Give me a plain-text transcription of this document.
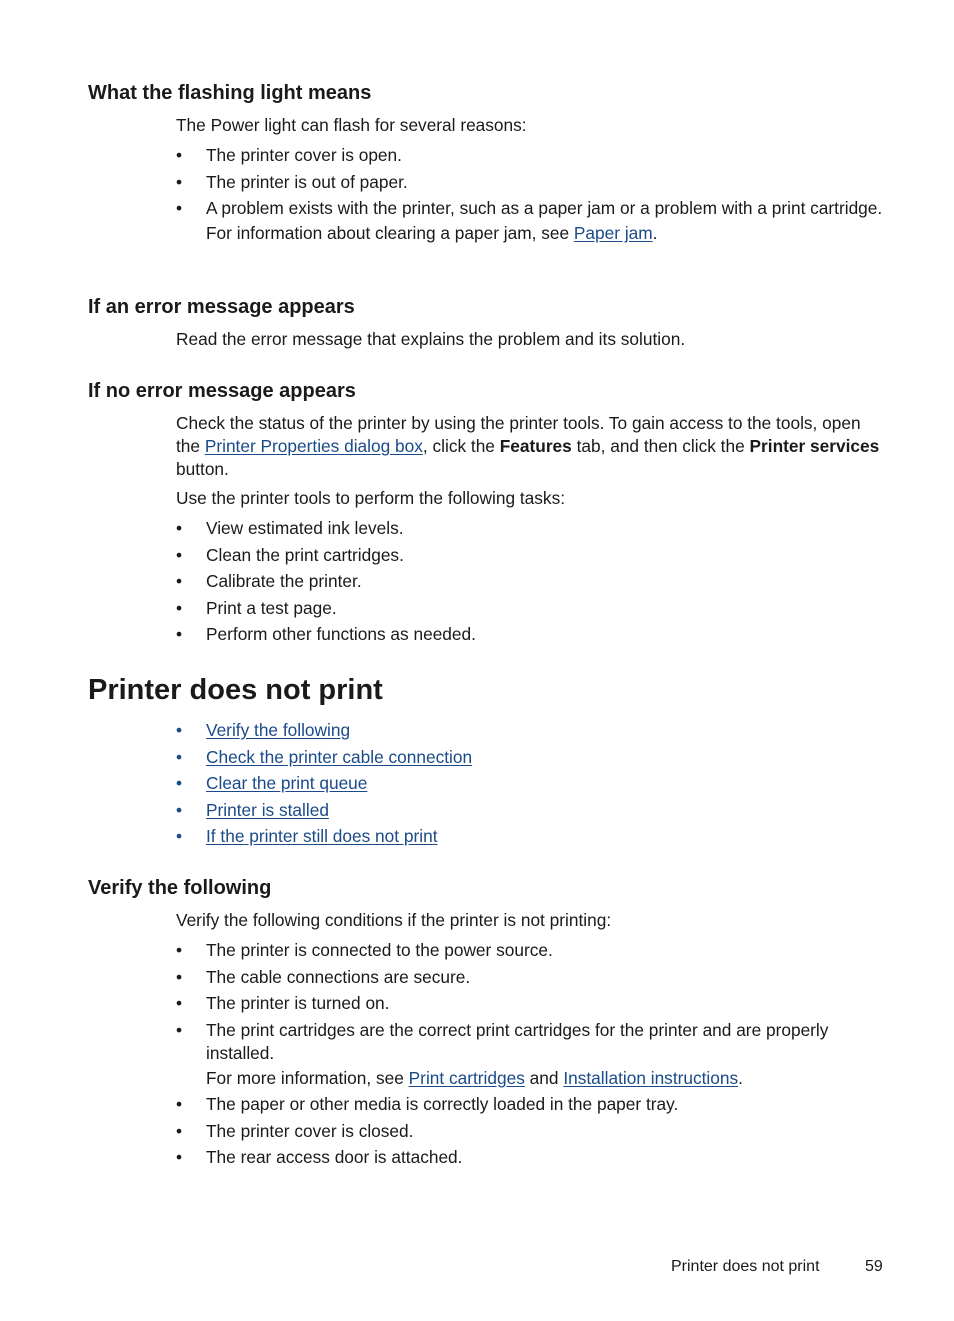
What the flashing light means

The Power light can flash for several reasons:

• The printer cover is open.
• The printer is out of paper.
• A problem exists with the printer, such as a paper jam or a problem with a print cartridge.
For information about clearing a paper jam, see Paper jam.
If an error message appears

Read the error message that explains the problem and its solution.

If no error message appears

Check the status of the printer by using the printer tools. To gain access to the tools, open the Printer Properties dialog box, click the Features tab, and then click the Printer services button.

Use the printer tools to perform the following tasks:

• View estimated ink levels.
• Clean the print cartridges.
• Calibrate the printer.
• Print a test page.
• Perform other functions as needed.
Printer does not print
• Verify the following
• Check the printer cable connection
• Clear the print queue
• Printer is stalled
• If the printer still does not print
Verify the following

Verify the following conditions if the printer is not printing:

• The printer is connected to the power source.
• The cable connections are secure.
• The printer is turned on.
• The print cartridges are the correct print cartridges for the printer and are properly installed.
For more information, see Print cartridges and Installation instructions.
• The paper or other media is correctly loaded in the paper tray.
• The printer cover is closed.
• The rear access door is attached.
Printer does not print	59
